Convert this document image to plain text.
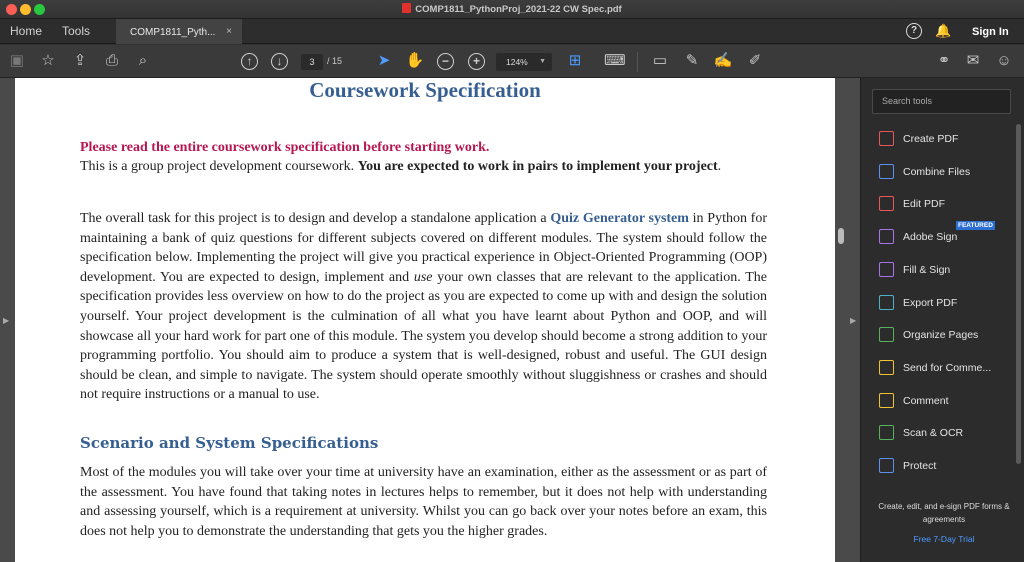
COMP1811_PythonProj_2021-22 CW Spec.pdf
Home Tools	COMP1811_Pyth... ×	?	🔔 Sign In
▣ ☆ ⇪ ⎙	⌕	↑	↓	3	/ 15 ➤ ✋	−	+	124% ▼ ⊞ ⌨ ▭ ✎ ✍ ✐	⚭ ✉ ☺
▶
Coursework Specification
Please read the entire coursework specification before starting work.
This is a group project development coursework. You are expected to work in pairs to implement your project.
The overall task for this project is to design and develop a standalone application a Quiz Generator system in Python for maintaining a bank of quiz questions for different subjects covered on different modules. The system should follow the specification below. Implementing the project will give you practical experience in Object-Oriented Programming (OOP) development. You are expected to design, implement and use your own classes that are relevant to the application. The specification provides less overview on how to do the project as you are expected to come up with and design the solution yourself. Your project development is the culmination of all what you have learnt about Python and OOP, and will showcase all your hard work for part one of this module. The system you develop should become a strong addition to your programming portfolio. You should aim to produce a system that is well-designed, robust and useful. The GUI design should be clean, and simple to navigate. The system should operate smoothly without sluggishness or crashes and should not require instructions or a manual to use.
Scenario and System Specifications
Most of the modules you will take over your time at university have an examination, either as the assessment or as part of the assessment. You have found that taking notes in lectures helps to remember, but it does not help with understanding and assessing yourself, which is a requirement at university. Whilst you can go back over your notes before an exam, this does not help you to demonstrate the understanding that gets you the higher grades.
▶
Search tools
Create PDF
Combine Files
Edit PDF
Adobe Sign
Fill & Sign
Export PDF
Organize Pages
Send for Comme...
Comment
Scan & OCR
Protect
FEATURED
Create, edit, and e-sign PDF forms & agreements
Free 7-Day Trial
